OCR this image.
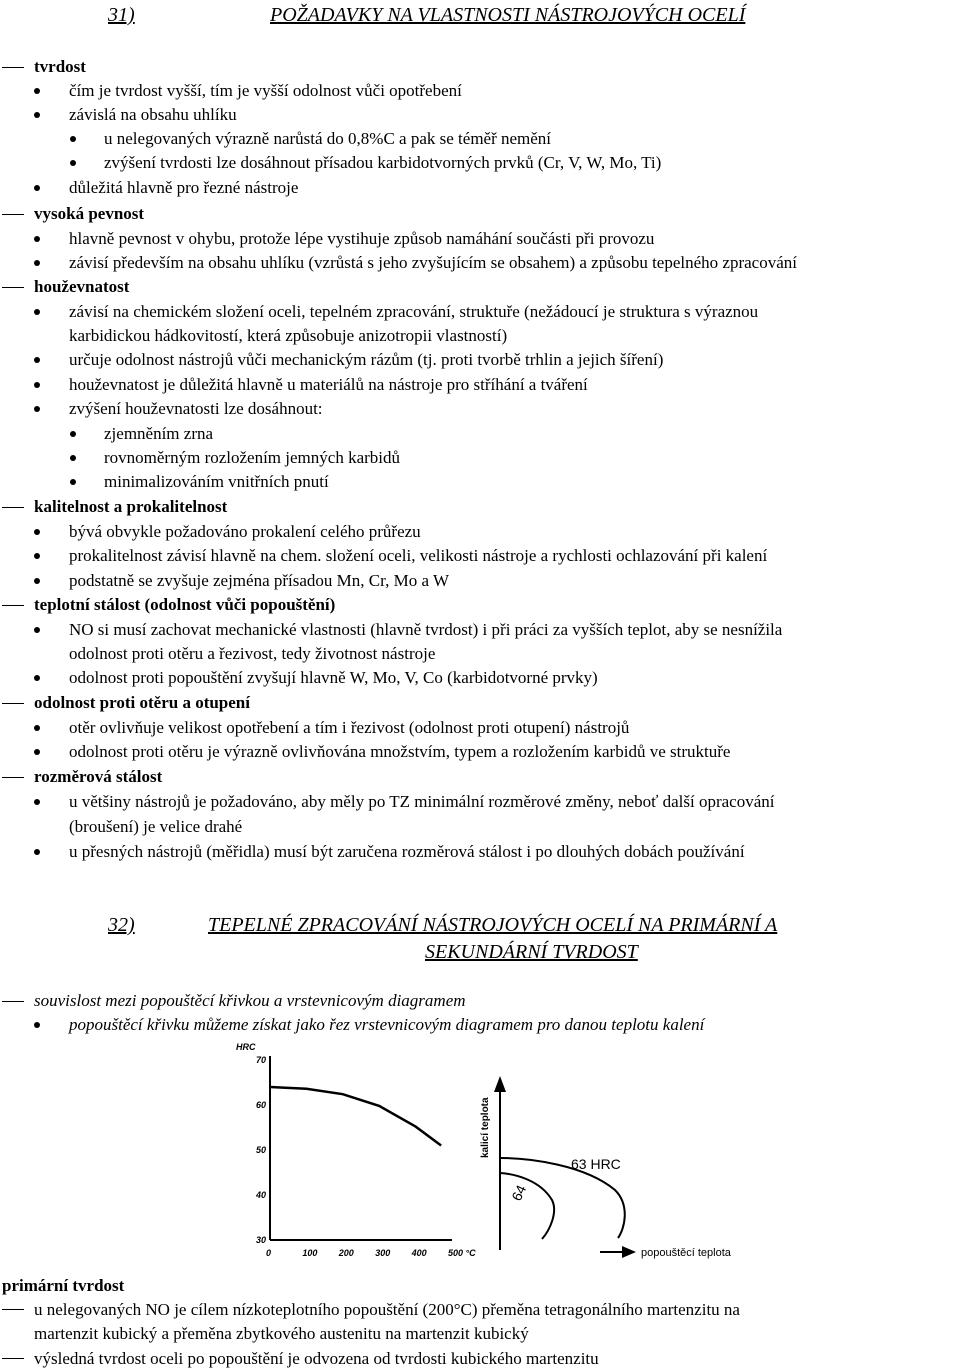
31)	POŽADAVKY NA VLASTNOSTI NÁSTROJOVÝCH OCELÍ
tvrdost
čím je tvrdost vyšší, tím je vyšší odolnost vůči opotřebení
závislá na obsahu uhlíku
u nelegovaných výrazně narůstá do 0,8%C a pak se téměř nemění
zvýšení tvrdosti lze dosáhnout přísadou karbidotvorných prvků (Cr, V, W, Mo, Ti)
důležitá hlavně pro řezné nástroje
vysoká pevnost
hlavně pevnost v ohybu, protože lépe vystihuje způsob namáhání součásti při provozu
závisí především na obsahu uhlíku (vzrůstá s jeho zvyšujícím se obsahem) a způsobu tepelného zpracování
houževnatost
závisí na chemickém složení oceli, tepelném zpracování, struktuře (nežádoucí je struktura s výraznou
karbidickou hádkovitostí, která způsobuje anizotropii vlastností)
určuje odolnost nástrojů vůči mechanickým rázům (tj. proti tvorbě trhlin a jejich šíření)
houževnatost je důležitá hlavně u materiálů na nástroje pro stříhání a tváření
zvýšení houževnatosti lze dosáhnout:
zjemněním zrna
rovnoměrným rozložením jemných karbidů
minimalizováním vnitřních pnutí
kalitelnost a prokalitelnost
bývá obvykle požadováno prokalení celého průřezu
prokalitelnost závisí hlavně na chem. složení oceli, velikosti nástroje a rychlosti ochlazování při kalení
podstatně se zvyšuje zejména přísadou Mn, Cr, Mo a W
teplotní stálost (odolnost vůči popouštění)
NO si musí zachovat mechanické vlastnosti (hlavně tvrdost) i při práci za vyšších teplot, aby se nesnížila
odolnost proti otěru a řezivost, tedy životnost nástroje
odolnost proti popouštění zvyšují hlavně W, Mo, V, Co (karbidotvorné prvky)
odolnost proti otěru a otupení
otěr ovlivňuje velikost opotřebení a tím i řezivost (odolnost proti otupení) nástrojů
odolnost proti otěru je výrazně ovlivňována množstvím, typem a rozložením karbidů ve struktuře
rozměrová stálost
u většiny nástrojů je požadováno, aby měly po TZ minimální rozměrové změny, neboť další opracování
(broušení) je velice drahé
u přesných nástrojů (měřidla) musí být zaručena rozměrová stálost i po dlouhých dobách používání
32)	TEPELNÉ ZPRACOVÁNÍ NÁSTROJOVÝCH OCELÍ NA PRIMÁRNÍ A
SEKUNDÁRNÍ TVRDOST
souvislost mezi popouštěcí křivkou a vrstevnicovým diagramem
popouštěcí křivku můžeme získat jako řez vrstevnicovým diagramem pro danou teplotu kalení
HRC
70
60
50
40
30
0	100 200 300 400 500 °C
kalicí teplota
63 HRC
64
popouštěcí teplota
primární tvrdost
u nelegovaných NO je cílem nízkoteplotního popouštění (200°C) přeměna tetragonálního martenzitu na
martenzit kubický a přeměna zbytkového austenitu na martenzit kubický
výsledná tvrdost oceli po popouštění je odvozena od tvrdosti kubického martenzitu
